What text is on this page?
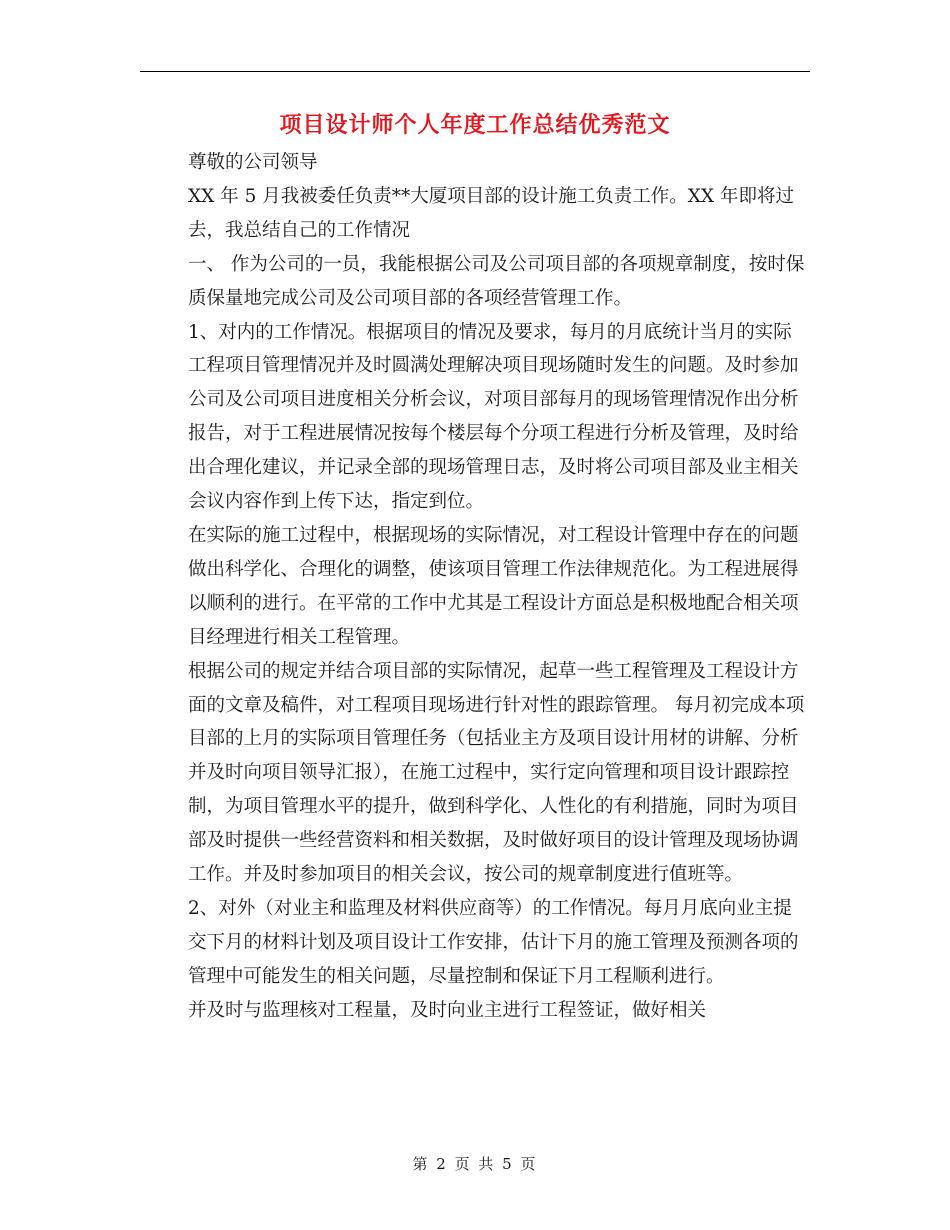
项目设计师个人年度工作总结优秀范文

尊敬的公司领导

XX 年 5 月我被委任负责**大厦项目部的设计施工负责工作。XX 年即将过去，我总结自己的工作情况

一、 作为公司的一员，我能根据公司及公司项目部的各项规章制度，按时保质保量地完成公司及公司项目部的各项经营管理工作。

1、对内的工作情况。根据项目的情况及要求，每月的月底统计当月的实际工程项目管理情况并及时圆满处理解决项目现场随时发生的问题。及时参加公司及公司项目进度相关分析会议，对项目部每月的现场管理情况作出分析报告，对于工程进展情况按每个楼层每个分项工程进行分析及管理，及时给出合理化建议，并记录全部的现场管理日志，及时将公司项目部及业主相关会议内容作到上传下达，指定到位。

在实际的施工过程中，根据现场的实际情况，对工程设计管理中存在的问题做出科学化、合理化的调整，使该项目管理工作法律规范化。为工程进展得以顺利的进行。在平常的工作中尤其是工程设计方面总是积极地配合相关项目经理进行相关工程管理。

根据公司的规定并结合项目部的实际情况，起草一些工程管理及工程设计方面的文章及稿件，对工程项目现场进行针对性的跟踪管理。 每月初完成本项目部的上月的实际项目管理任务（包括业主方及项目设计用材的讲解、分析并及时向项目领导汇报），在施工过程中，实行定向管理和项目设计跟踪控制，为项目管理水平的提升，做到科学化、人性化的有利措施，同时为项目部及时提供一些经营资料和相关数据，及时做好项目的设计管理及现场协调工作。并及时参加项目的相关会议，按公司的规章制度进行值班等。

2、对外（对业主和监理及材料供应商等）的工作情况。每月月底向业主提交下月的材料计划及项目设计工作安排，估计下月的施工管理及预测各项的管理中可能发生的相关问题，尽量控制和保证下月工程顺利进行。

并及时与监理核对工程量，及时向业主进行工程签证，做好相关

第 2 页 共 5 页
